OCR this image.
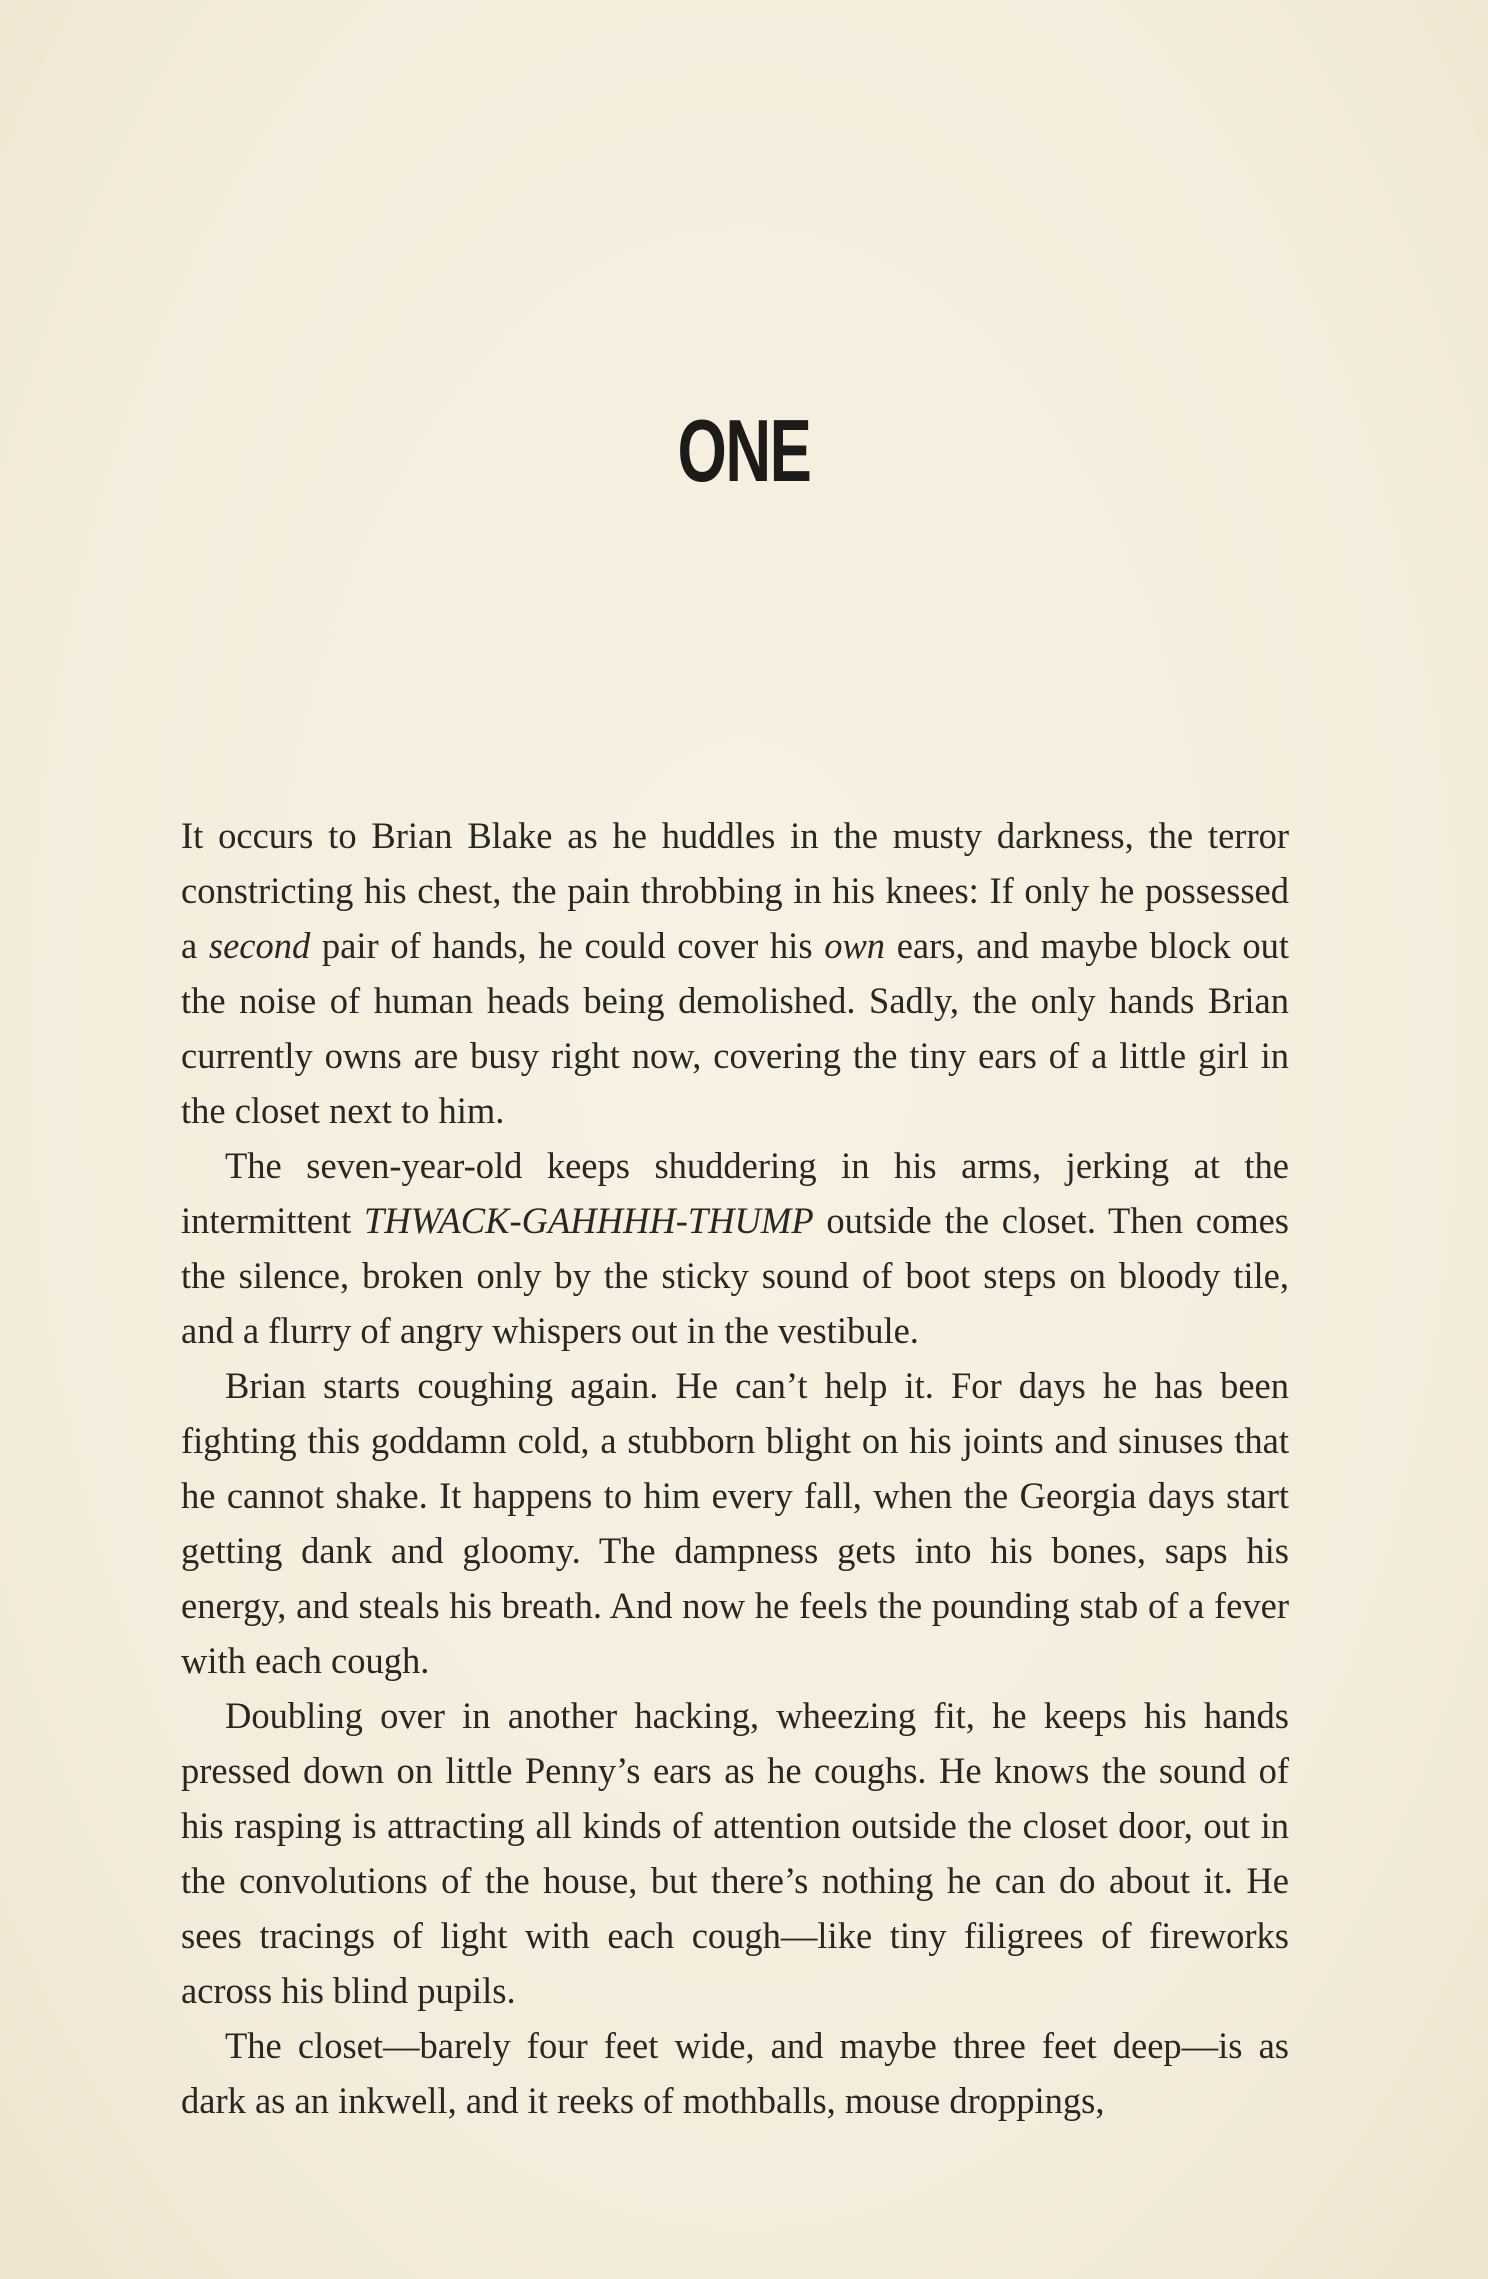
ONE

It occurs to Brian Blake as he huddles in the musty darkness, the terror constricting his chest, the pain throbbing in his knees: If only he possessed a second pair of hands, he could cover his own ears, and maybe block out the noise of human heads being demolished. Sadly, the only hands Brian currently owns are busy right now, covering the tiny ears of a little girl in the closet next to him.

The seven-year-old keeps shuddering in his arms, jerking at the intermittent THWACK-GAHHHH-THUMP outside the closet. Then comes the silence, broken only by the sticky sound of boot steps on bloody tile, and a flurry of angry whispers out in the vestibule.

Brian starts coughing again. He can’t help it. For days he has been fighting this goddamn cold, a stubborn blight on his joints and sinuses that he cannot shake. It happens to him every fall, when the Georgia days start getting dank and gloomy. The dampness gets into his bones, saps his energy, and steals his breath. And now he feels the pounding stab of a fever with each cough.

Doubling over in another hacking, wheezing fit, he keeps his hands pressed down on little Penny’s ears as he coughs. He knows the sound of his rasping is attracting all kinds of attention outside the closet door, out in the convolutions of the house, but there’s nothing he can do about it. He sees tracings of light with each cough—like tiny filigrees of fireworks across his blind pupils.

The closet—barely four feet wide, and maybe three feet deep—is as dark as an inkwell, and it reeks of mothballs, mouse droppings,
